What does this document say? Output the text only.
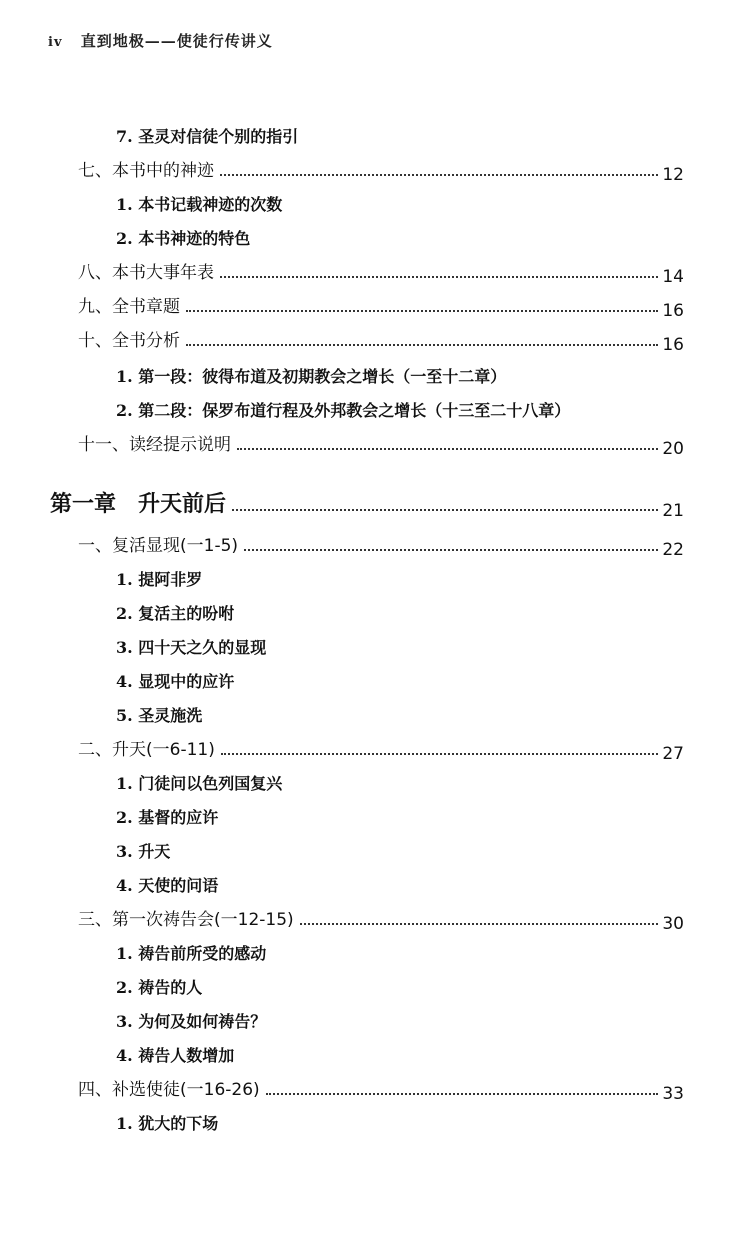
iv 直到地极——使徒行传讲义
7. 圣灵对信徒个别的指引
七、本书中的神迹	12
1. 本书记载神迹的次数
2. 本书神迹的特色
八、本书大事年表	14
九、全书章题	16
十、全书分析	16
1. 第一段：彼得布道及初期教会之增长（一至十二章）
2. 第二段：保罗布道行程及外邦教会之增长（十三至二十八章）
十一、读经提示说明	20
第一章　升天前后	21
一、复活显现(一1-5)	22
1. 提阿非罗
2. 复活主的吩咐
3. 四十天之久的显现
4. 显现中的应许
5. 圣灵施洗
二、升天(一6-11)	27
1. 门徒问以色列国复兴
2. 基督的应许
3. 升天
4. 天使的问语
三、第一次祷告会(一12-15)	30
1. 祷告前所受的感动
2. 祷告的人
3. 为何及如何祷告？
4. 祷告人数增加
四、补选使徒(一16-26)	33
1. 犹大的下场
